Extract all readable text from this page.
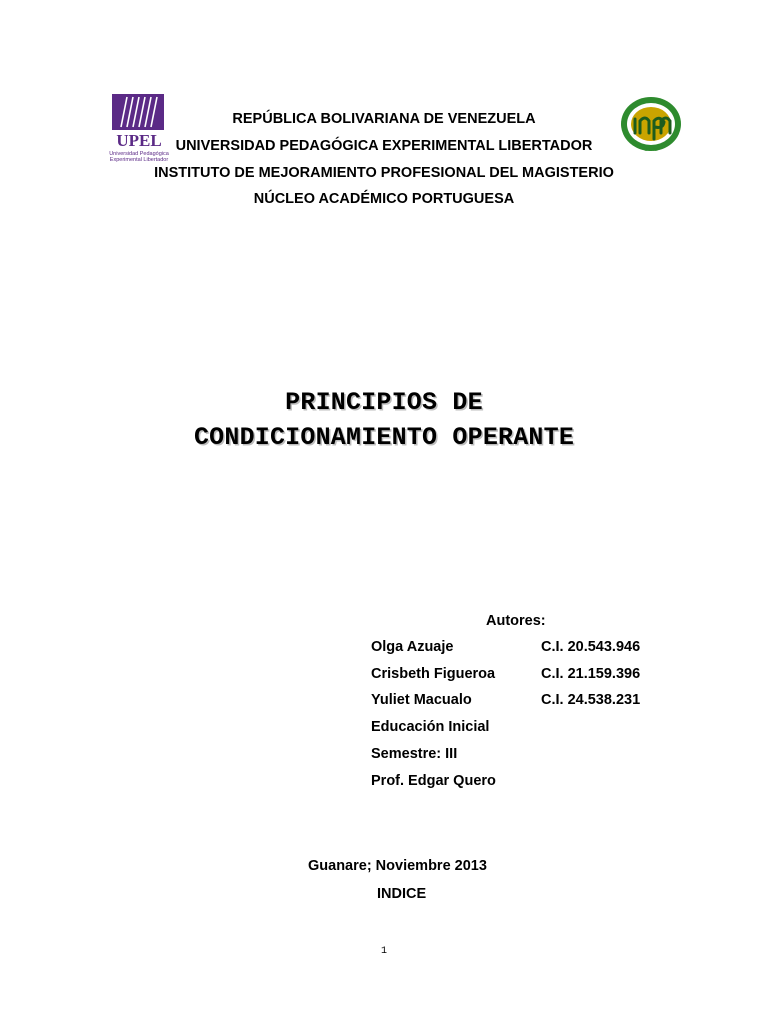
UPEL
Universidad Pedagógica
Experimental Libertador
IMPM
REPÚBLICA BOLIVARIANA DE VENEZUELA
UNIVERSIDAD PEDAGÓGICA EXPERIMENTAL LIBERTADOR
INSTITUTO DE MEJORAMIENTO PROFESIONAL DEL MAGISTERIO
NÚCLEO ACADÉMICO PORTUGUESA
PRINCIPIOS DE
CONDICIONAMIENTO OPERANTE
Autores:
Olga Azuaje	C.I. 20.543.946
Crisbeth Figueroa	C.I. 21.159.396
Yuliet Macualo	C.I. 24.538.231
Educación Inicial
Semestre: III
Prof. Edgar Quero
Guanare; Noviembre 2013
INDICE
1
